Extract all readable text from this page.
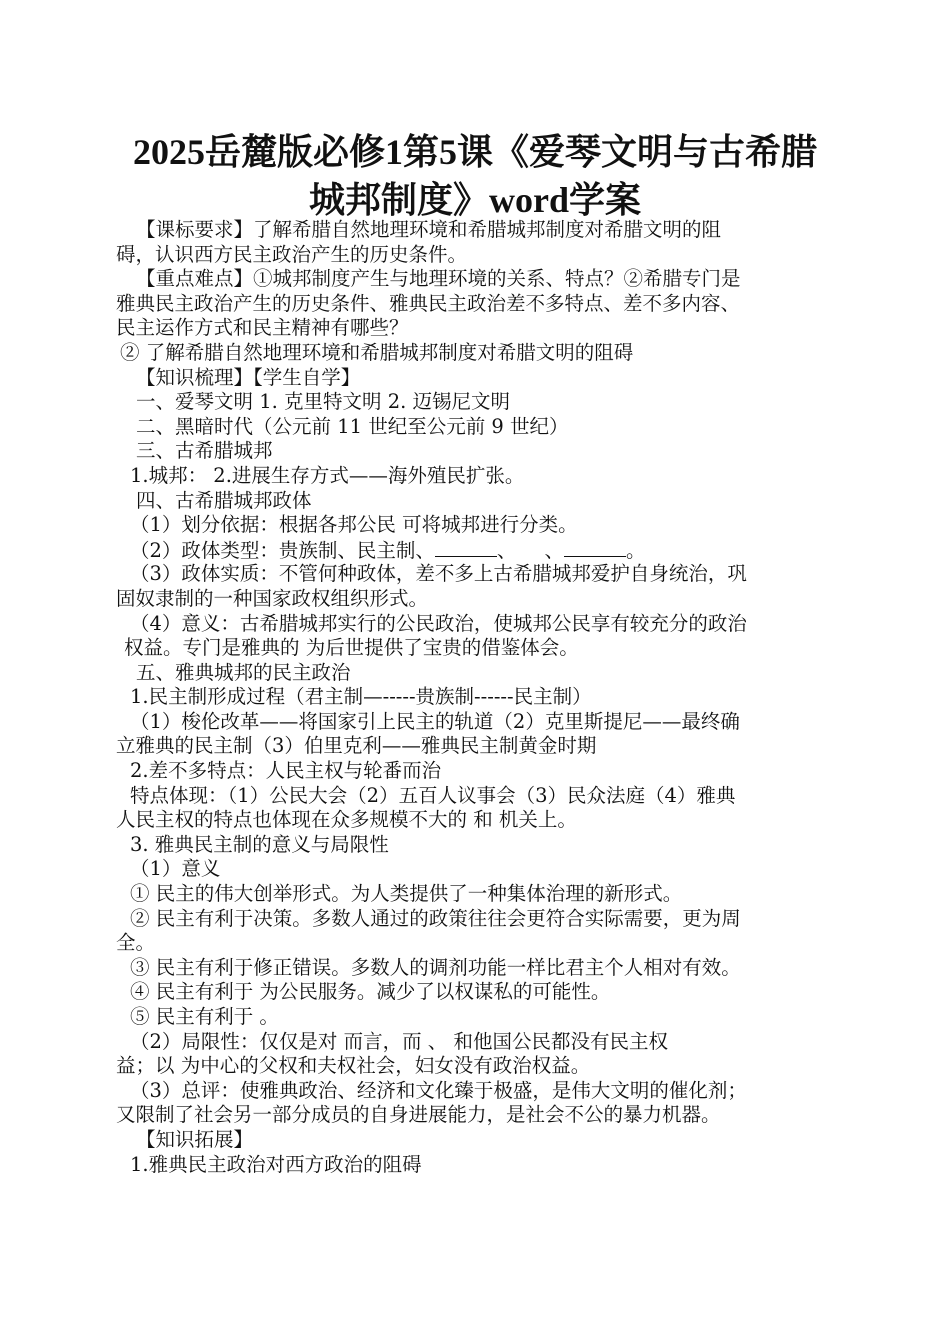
2025岳麓版必修1第5课《爱琴文明与古希腊
城邦制度》word学案
【课标要求】了解希腊自然地理环境和希腊城邦制度对希腊文明的阻
碍，认识西方民主政治产生的历史条件。
【重点难点】①城邦制度产生与地理环境的关系、特点？②希腊专门是
雅典民主政治产生的历史条件、雅典民主政治差不多特点、差不多内容、
民主运作方式和民主精神有哪些？
② 了解希腊自然地理环境和希腊城邦制度对希腊文明的阻碍
【知识梳理】【学生自学】
一、爱琴文明 1. 克里特文明 2. 迈锡尼文明
二、黑暗时代（公元前 11 世纪至公元前 9 世纪）
三、古希腊城邦
1.城邦： 2.进展生存方式——海外殖民扩张。
四、古希腊城邦政体
（1）划分依据：根据各邦公民 可将城邦进行分类。
（2）政体类型：贵族制、民主制、	、 、	。
（3）政体实质：不管何种政体，差不多上古希腊城邦爱护自身统治，巩
固奴隶制的一种国家政权组织形式。
（4）意义：古希腊城邦实行的公民政治，使城邦公民享有较充分的政治
权益。专门是雅典的 为后世提供了宝贵的借鉴体会。
五、雅典城邦的民主政治
1.民主制形成过程（君主制—-----贵族制------民主制）
（1）梭伦改革——将国家引上民主的轨道（2）克里斯提尼——最终确
立雅典的民主制（3）伯里克利——雅典民主制黄金时期
2.差不多特点：人民主权与轮番而治
特点体现：（1）公民大会（2）五百人议事会（3）民众法庭（4）雅典
人民主权的特点也体现在众多规模不大的 和 机关上。
3. 雅典民主制的意义与局限性
（1）意义
① 民主的伟大创举形式。为人类提供了一种集体治理的新形式。
② 民主有利于决策。多数人通过的政策往往会更符合实际需要，更为周
全。
③ 民主有利于修正错误。多数人的调剂功能一样比君主个人相对有效。
④ 民主有利于 为公民服务。减少了以权谋私的可能性。
⑤ 民主有利于 。
（2）局限性：仅仅是对 而言，而 、 和他国公民都没有民主权
益；以 为中心的父权和夫权社会，妇女没有政治权益。
（3）总评：使雅典政治、经济和文化臻于极盛，是伟大文明的催化剂；
又限制了社会另一部分成员的自身进展能力，是社会不公的暴力机器。
【知识拓展】
1.雅典民主政治对西方政治的阻碍
